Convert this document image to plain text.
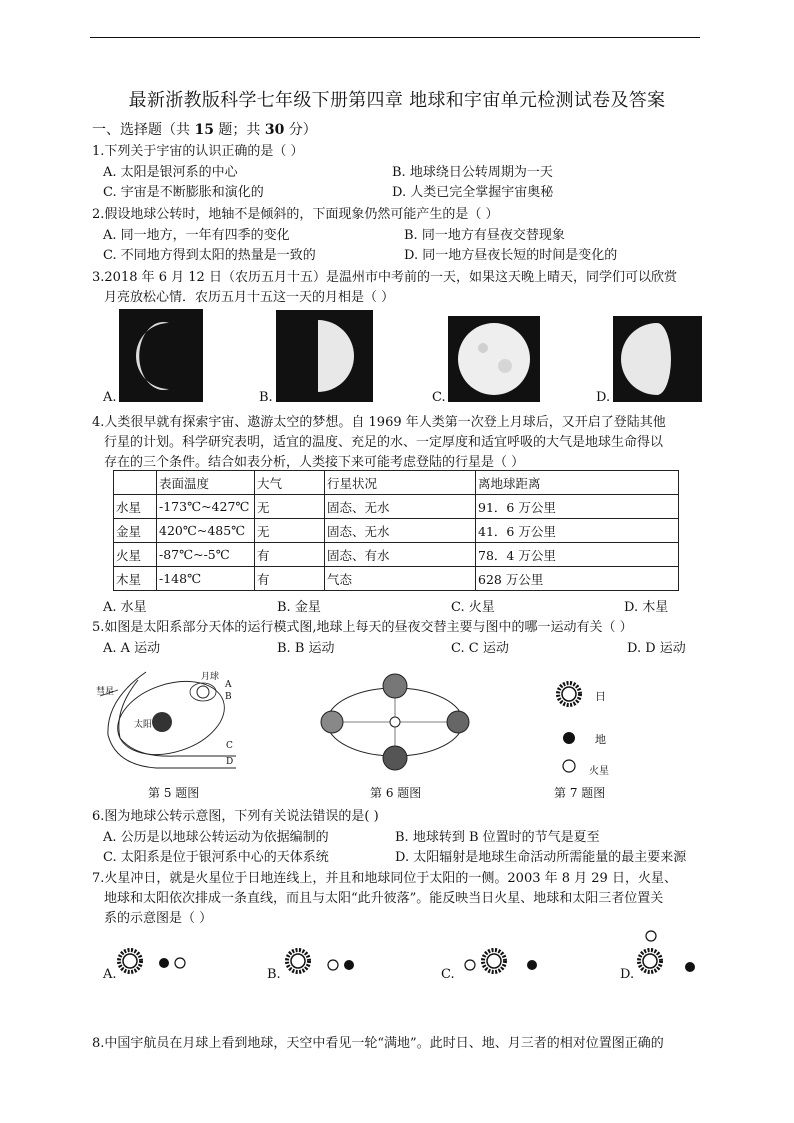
最新浙教版科学七年级下册第四章 地球和宇宙单元检测试卷及答案
一、选择题（共 15 题；共 30 分）
1.下列关于宇宙的认识正确的是（ ）
A. 太阳是银河系的中心	B. 地球绕日公转周期为一天
C. 宇宙是不断膨胀和演化的	D. 人类已完全掌握宇宙奥秘
2.假设地球公转时，地轴不是倾斜的，下面现象仍然可能产生的是（ ）
A. 同一地方，一年有四季的变化	B. 同一地方有昼夜交替现象
C. 不同地方得到太阳的热量是一致的	D. 同一地方昼夜长短的时间是变化的
3.2018 年 6 月 12 日（农历五月十五）是温州市中考前的一天，如果这天晚上晴天，同学们可以欣赏
月亮放松心情．农历五月十五这一天的月相是（ ）
A.	B.	C.	D.
4.人类很早就有探索宇宙、遨游太空的梦想。自 1969 年人类第一次登上月球后，又开启了登陆其他
行星的计划。科学研究表明，适宜的温度、充足的水、一定厚度和适宜呼吸的大气是地球生命得以
存在的三个条件。结合如表分析，人类接下来可能考虑登陆的行星是（ ）
	表面温度	大气	行星状况	离地球距离
水星	-173℃~427℃	无	固态、无水	91．6 万公里
金星	420℃~485℃	无	固态、无水	41．6 万公里
火星	-87℃~-5℃	有	固态、有水	78．4 万公里
木星	-148℃	有	气态	628 万公里
A. 水星	B. 金星	C. 火星	D. 木星
5.如图是太阳系部分天体的运行模式图,地球上每天的昼夜交替主要与图中的哪一运动有关（ ）
A. A 运动	B. B 运动	C. C 运动	D. D 运动
彗星
月球
太阳
A
B
C
D
第 5 题图	第 6 题图
日
地
火星
第 7 题图
6.图为地球公转示意图，下列有关说法错误的是( )
A. 公历是以地球公转运动为依据编制的	B. 地球转到 B 位置时的节气是夏至
C. 太阳系是位于银河系中心的天体系统	D. 太阳辐射是地球生命活动所需能量的最主要来源
7.火星冲日，就是火星位于日地连线上，并且和地球同位于太阳的一侧。2003 年 8 月 29 日，火星、
地球和太阳依次排成一条直线，而且与太阳“此升彼落”。能反映当日火星、地球和太阳三者位置关
系的示意图是（ ）
A.	B.	C.	D.
8.中国宇航员在月球上看到地球，天空中看见一轮“满地”。此时日、地、月三者的相对位置图正确的
